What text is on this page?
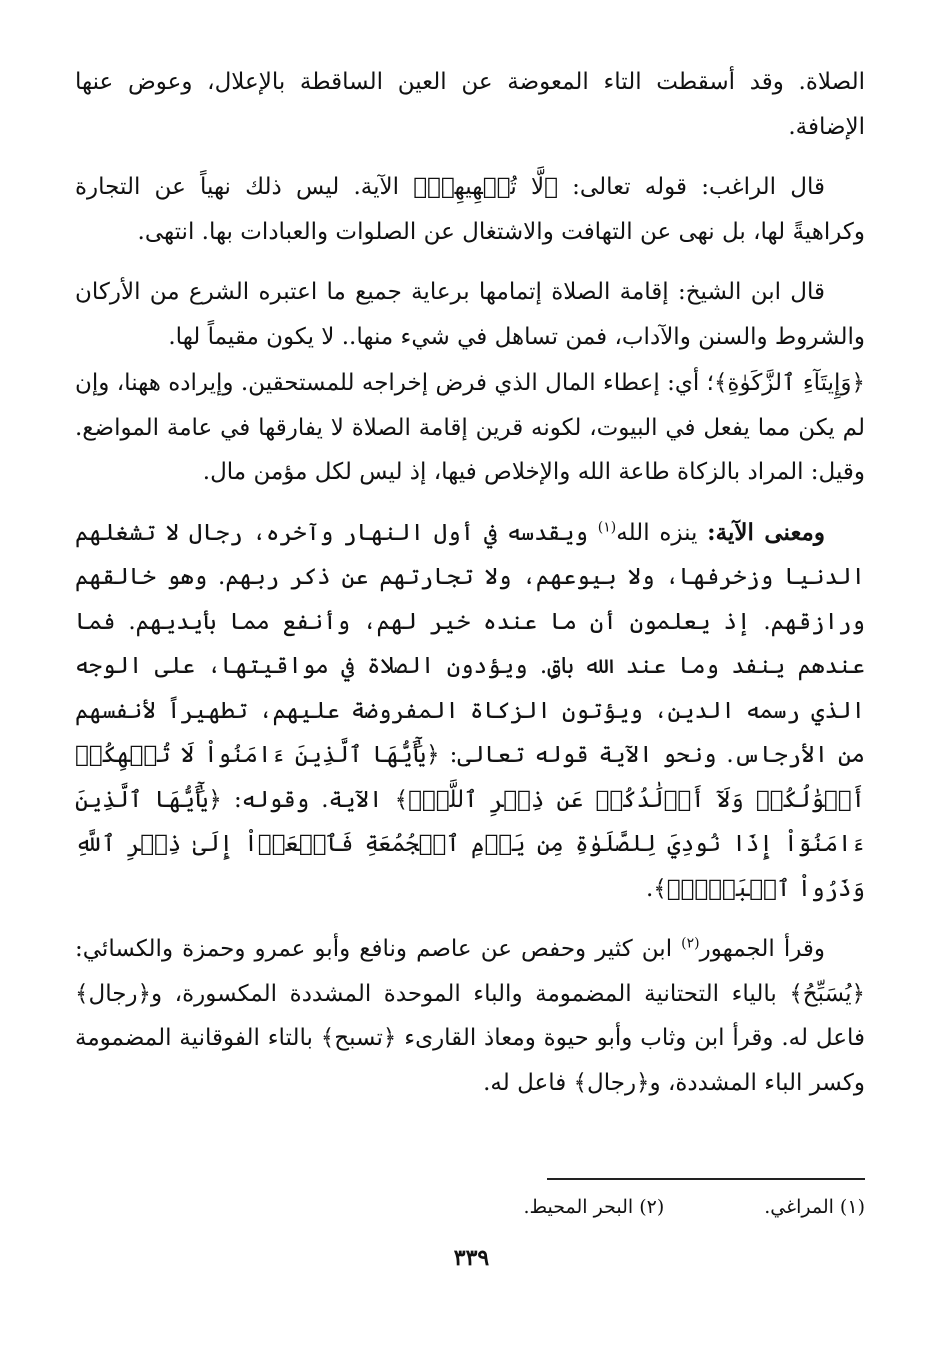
الصلاة. وقد أسقطت التاء المعوضة عن العين الساقطة بالإعلال، وعوض عنها الإضافة.

قال الراغب: قوله تعالى: ﴿لَّا تُلۡهِيهِمۡ﴾ الآية. ليس ذلك نهياً عن التجارة وكراهيةً لها، بل نهى عن التهافت والاشتغال عن الصلوات والعبادات بها. انتهى.

قال ابن الشيخ: إقامة الصلاة إتمامها برعاية جميع ما اعتبره الشرع من الأركان والشروط والسنن والآداب، فمن تساهل في شيء منها.. لا يكون مقيماً لها.

﴿وَإِيتَآءِ ٱلزَّكَوٰةِ﴾؛ أي: إعطاء المال الذي فرض إخراجه للمستحقين. وإيراده ههنا، وإن لم يكن مما يفعل في البيوت، لكونه قرين إقامة الصلاة لا يفارقها في عامة المواضع. وقيل: المراد بالزكاة طاعة الله والإخلاص فيها، إذ ليس لكل مؤمن مال.

ومعنى الآية: ينزه الله$^{(١)}$ ويقدسه في أول النهار وآخره، رجال لا تشغلهم الدنيا وزخرفها، ولا بيوعهم، ولا تجارتهم عن ذكر ربهم. وهو خالقهم ورازقهم. إذ يعلمون أن ما عنده خير لهم، وأنفع مما بأيديهم. فما عندهم ينفد وما عند الله باقٍ. ويؤدون الصلاة في مواقيتها، على الوجه الذي رسمه الدين، ويؤتون الزكاة المفروضة عليهم، تطهيراً لأنفسهم من الأرجاس. ونحو الآية قوله تعالى: ﴿يَٰٓأَيُّهَا ٱلَّذِينَ ءَامَنُواْ لَا تُلۡهِكُمۡ أَمۡوَٰلُكُمۡ وَلَآ أَوۡلَٰدُكُمۡ عَن ذِكۡرِ ٱللَّهِۚ﴾ الآية. وقوله: ﴿يَٰٓأَيُّهَا ٱلَّذِينَ ءَامَنُوٓاْ إِذَا نُودِيَ لِلصَّلَوٰةِ مِن يَوۡمِ ٱلۡجُمُعَةِ فَٱسۡعَوۡاْ إِلَىٰ ذِكۡرِ ٱللَّهِ وَذَرُواْ ٱلۡبَيۡعَۚ﴾.

وقرأ الجمهور$^{(٢)}$ ابن كثير وحفص عن عاصم ونافع وأبو عمرو وحمزة والكسائي: ﴿يُسَبِّحُ﴾ بالياء التحتانية المضمومة والباء الموحدة المشددة المكسورة، و﴿رجال﴾ فاعل له. وقرأ ابن وثاب وأبو حيوة ومعاذ القارىء ﴿تسبح﴾ بالتاء الفوقانية المضمومة وكسر الباء المشددة، و﴿رجال﴾ فاعل له.

(١) المراغي.
(٢) البحر المحيط.
٣٣٩
